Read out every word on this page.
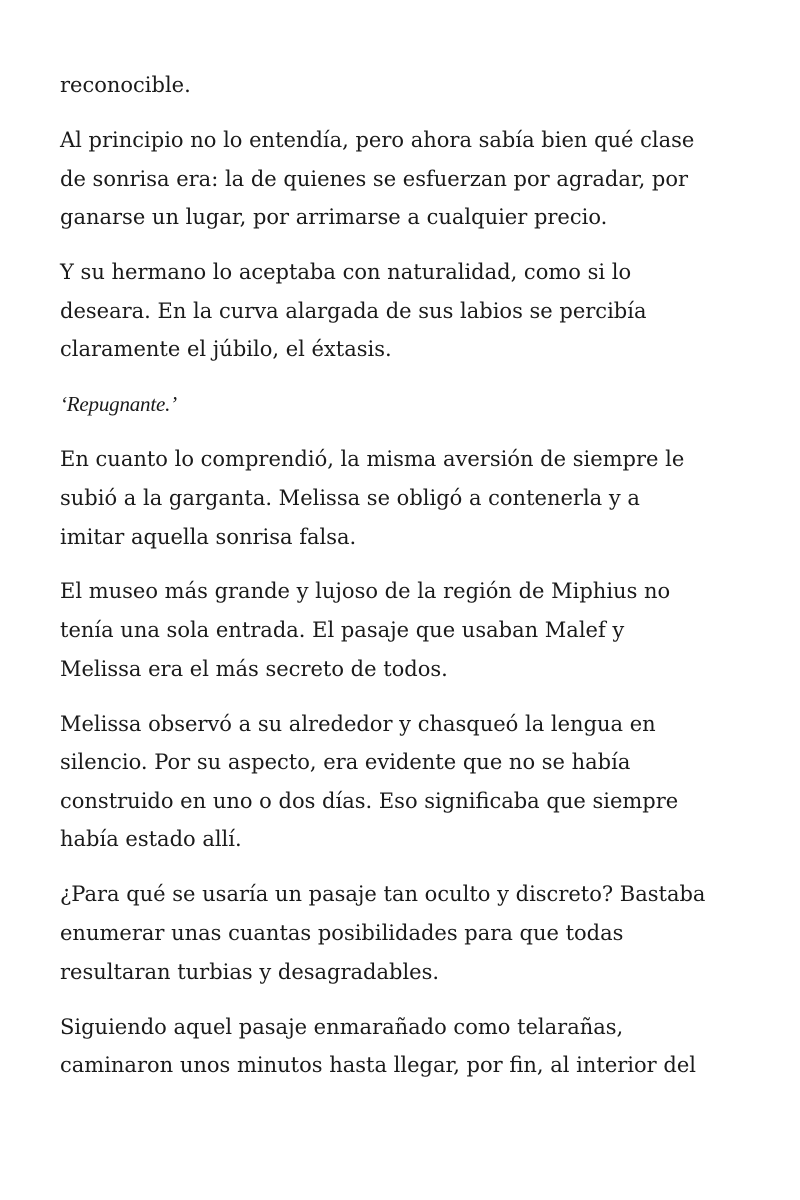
reconocible.

Al principio no lo entendía, pero ahora sabía bien qué clase
de sonrisa era: la de quienes se esfuerzan por agradar, por
ganarse un lugar, por arrimarse a cualquier precio.

Y su hermano lo aceptaba con naturalidad, como si lo
deseara. En la curva alargada de sus labios se percibía
claramente el júbilo, el éxtasis.

‘Repugnante.’

En cuanto lo comprendió, la misma aversión de siempre le
subió a la garganta. Melissa se obligó a contenerla y a
imitar aquella sonrisa falsa.

El museo más grande y lujoso de la región de Miphius no
tenía una sola entrada. El pasaje que usaban Malef y
Melissa era el más secreto de todos.

Melissa observó a su alrededor y chasqueó la lengua en
silencio. Por su aspecto, era evidente que no se había
construido en uno o dos días. Eso significaba que siempre
había estado allí.

¿Para qué se usaría un pasaje tan oculto y discreto? Bastaba
enumerar unas cuantas posibilidades para que todas
resultaran turbias y desagradables.

Siguiendo aquel pasaje enmarañado como telarañas,
caminaron unos minutos hasta llegar, por fin, al interior del
